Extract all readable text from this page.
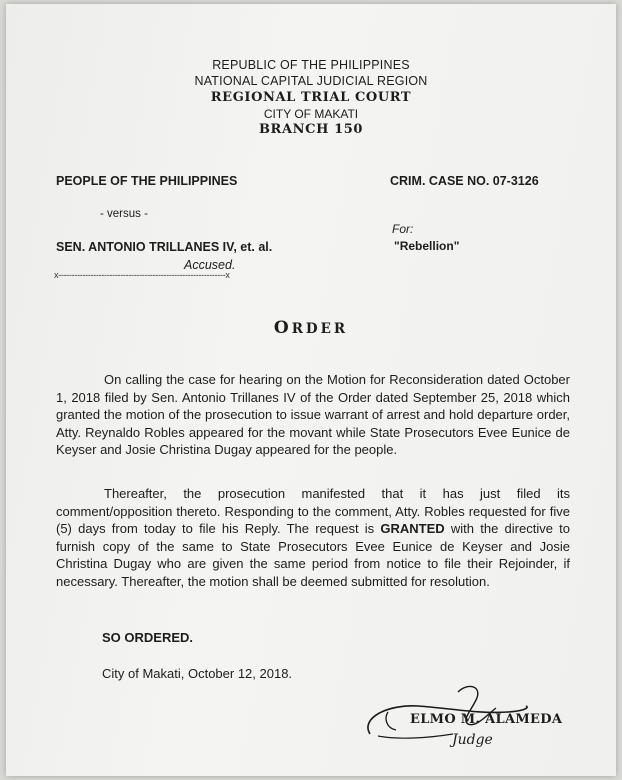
REPUBLIC OF THE PHILIPPINES
NATIONAL CAPITAL JUDICIAL REGION
REGIONAL TRIAL COURT
CITY OF MAKATI
BRANCH 150
PEOPLE OF THE PHILIPPINES	CRIM. CASE NO. 07-3126
- versus -
For:
"Rebellion"
SEN. ANTONIO TRILLANES IV, et. al.
Accused.
x--------------------------------------------------------------x
ORDER

On calling the case for hearing on the Motion for Reconsideration dated October 1, 2018 filed by Sen. Antonio Trillanes IV of the Order dated September 25, 2018 which granted the motion of the prosecution to issue warrant of arrest and hold departure order, Atty. Reynaldo Robles appeared for the movant while State Prosecutors Evee Eunice de Keyser and Josie Christina Dugay appeared for the people.

Thereafter, the prosecution manifested that it has just filed its comment/opposition thereto. Responding to the comment, Atty. Robles requested for five (5) days from today to file his Reply. The request is GRANTED with the directive to furnish copy of the same to State Prosecutors Evee Eunice de Keyser and Josie Christina Dugay who are given the same period from notice to file their Rejoinder, if necessary. Thereafter, the motion shall be deemed submitted for resolution.

SO ORDERED.
City of Makati, October 12, 2018.
ELMO M. ALAMEDA
Judge
